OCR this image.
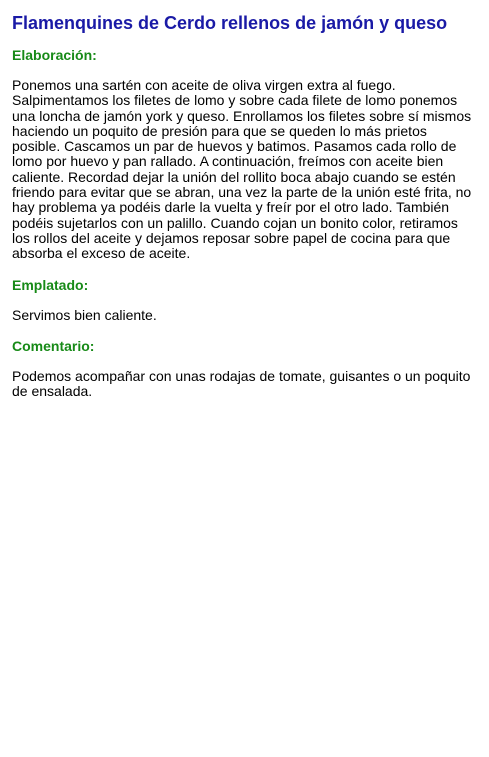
Flamenquines de Cerdo rellenos de jamón y queso
Elaboración:

Ponemos una sartén con aceite de oliva virgen extra al fuego. Salpimentamos los filetes de lomo y sobre cada filete de lomo ponemos una loncha de jamón york y queso. Enrollamos los filetes sobre sí mismos haciendo un poquito de presión para que se queden lo más prietos posible. Cascamos un par de huevos y batimos. Pasamos cada rollo de lomo por huevo y pan rallado. A continuación, freímos con aceite bien caliente. Recordad dejar la unión del rollito boca abajo cuando se estén friendo para evitar que se abran, una vez la parte de la unión esté frita, no hay problema ya podéis darle la vuelta y freír por el otro lado. También podéis sujetarlos con un palillo. Cuando cojan un bonito color, retiramos los rollos del aceite y dejamos reposar sobre papel de cocina para que absorba el exceso de aceite.

Emplatado:

Servimos bien caliente.

Comentario:

Podemos acompañar con unas rodajas de tomate, guisantes o un poquito de ensalada.
